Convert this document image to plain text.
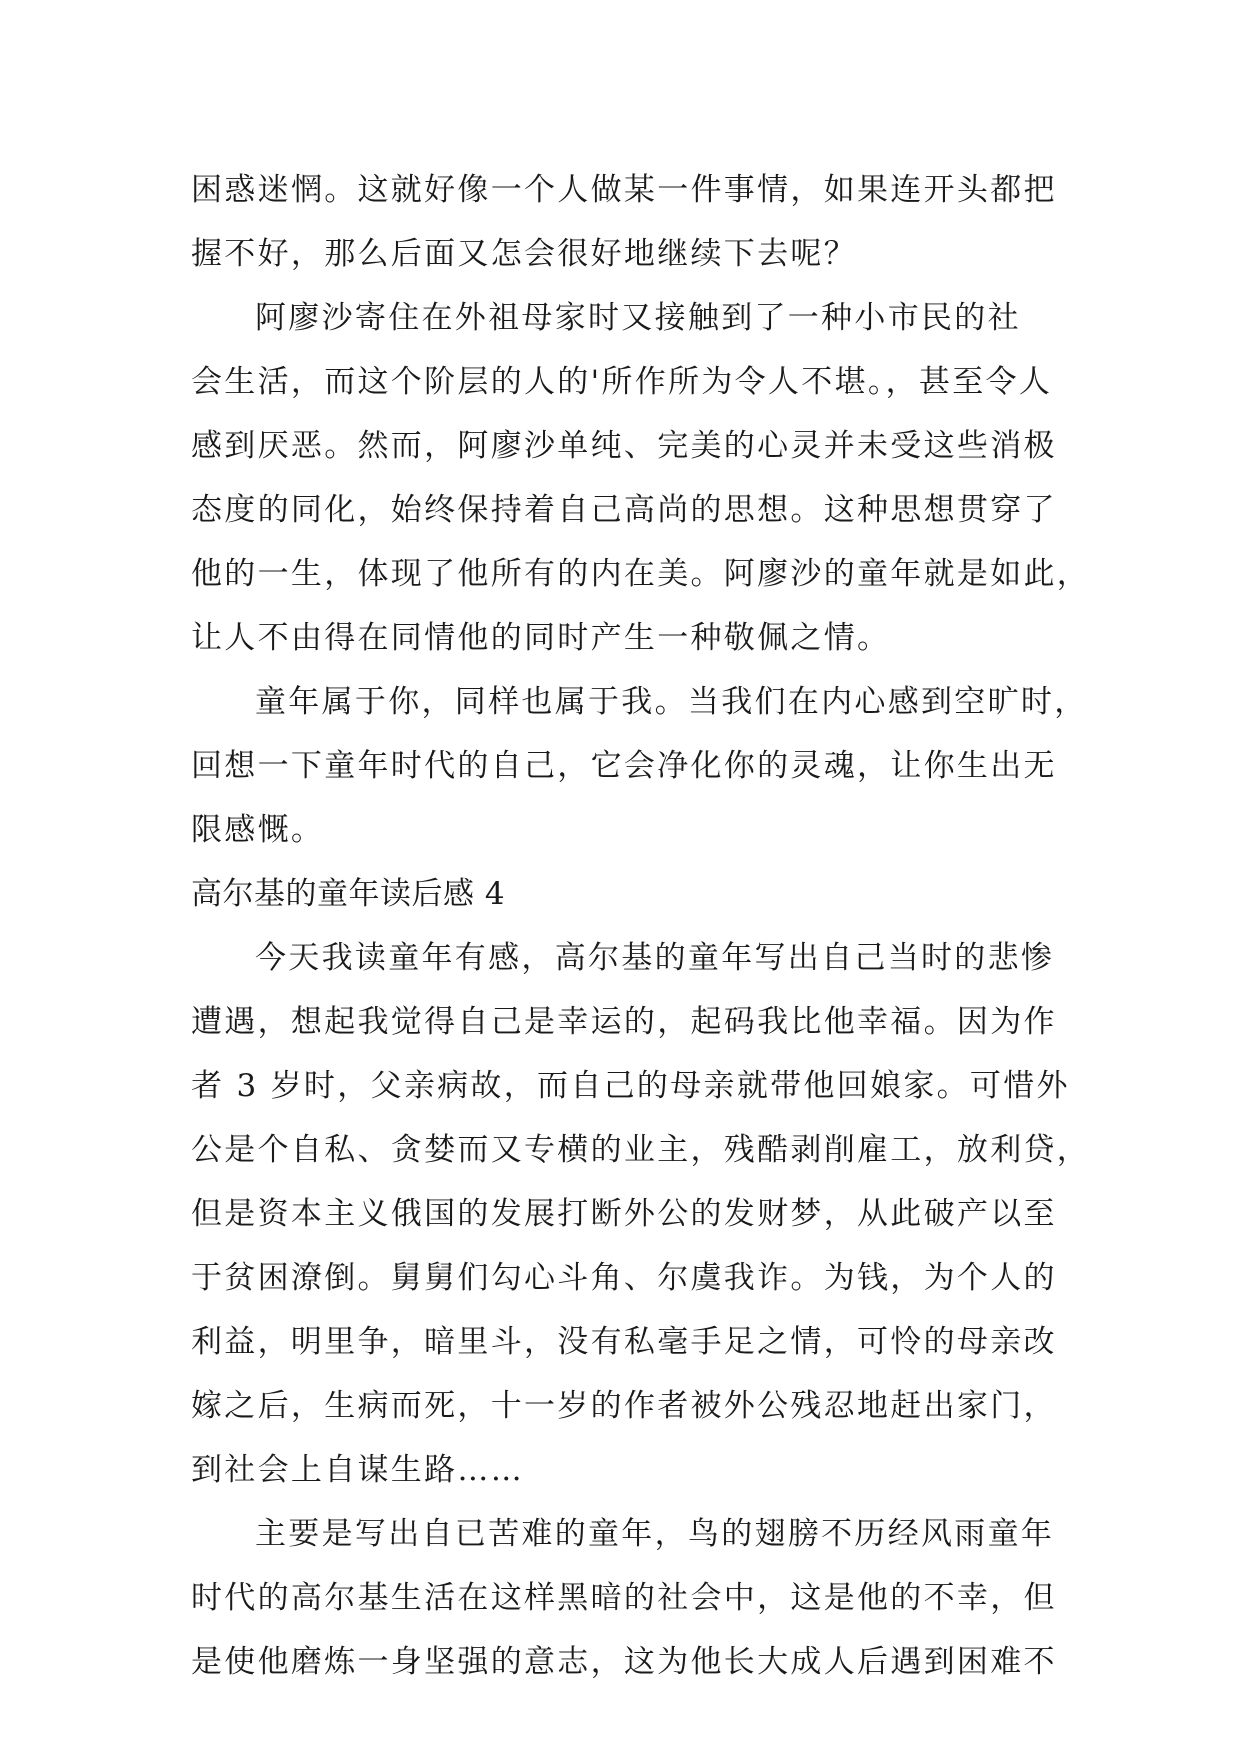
困惑迷惘。这就好像一个人做某一件事情，如果连开头都把
握不好，那么后面又怎会很好地继续下去呢？
阿廖沙寄住在外祖母家时又接触到了一种小市民的社
会生活，而这个阶层的人的'所作所为令人不堪。，甚至令人
感到厌恶。然而，阿廖沙单纯、完美的心灵并未受这些消极
态度的同化，始终保持着自己高尚的思想。这种思想贯穿了
他的一生，体现了他所有的内在美。阿廖沙的童年就是如此，
让人不由得在同情他的同时产生一种敬佩之情。
童年属于你，同样也属于我。当我们在内心感到空旷时，
回想一下童年时代的自己，它会净化你的灵魂，让你生出无
限感慨。
高尔基的童年读后感 4
今天我读童年有感，高尔基的童年写出自己当时的悲惨
遭遇，想起我觉得自己是幸运的，起码我比他幸福。因为作
者 3 岁时，父亲病故，而自己的母亲就带他回娘家。可惜外
公是个自私、贪婪而又专横的业主，残酷剥削雇工，放利贷，
但是资本主义俄国的发展打断外公的发财梦，从此破产以至
于贫困潦倒。舅舅们勾心斗角、尔虞我诈。为钱，为个人的
利益，明里争，暗里斗，没有私毫手足之情，可怜的母亲改
嫁之后，生病而死，十一岁的作者被外公残忍地赶出家门，
到社会上自谋生路……
主要是写出自已苦难的童年，鸟的翅膀不历经风雨童年
时代的高尔基生活在这样黑暗的社会中，这是他的不幸，但
是使他磨炼一身坚强的意志，这为他长大成人后遇到困难不
